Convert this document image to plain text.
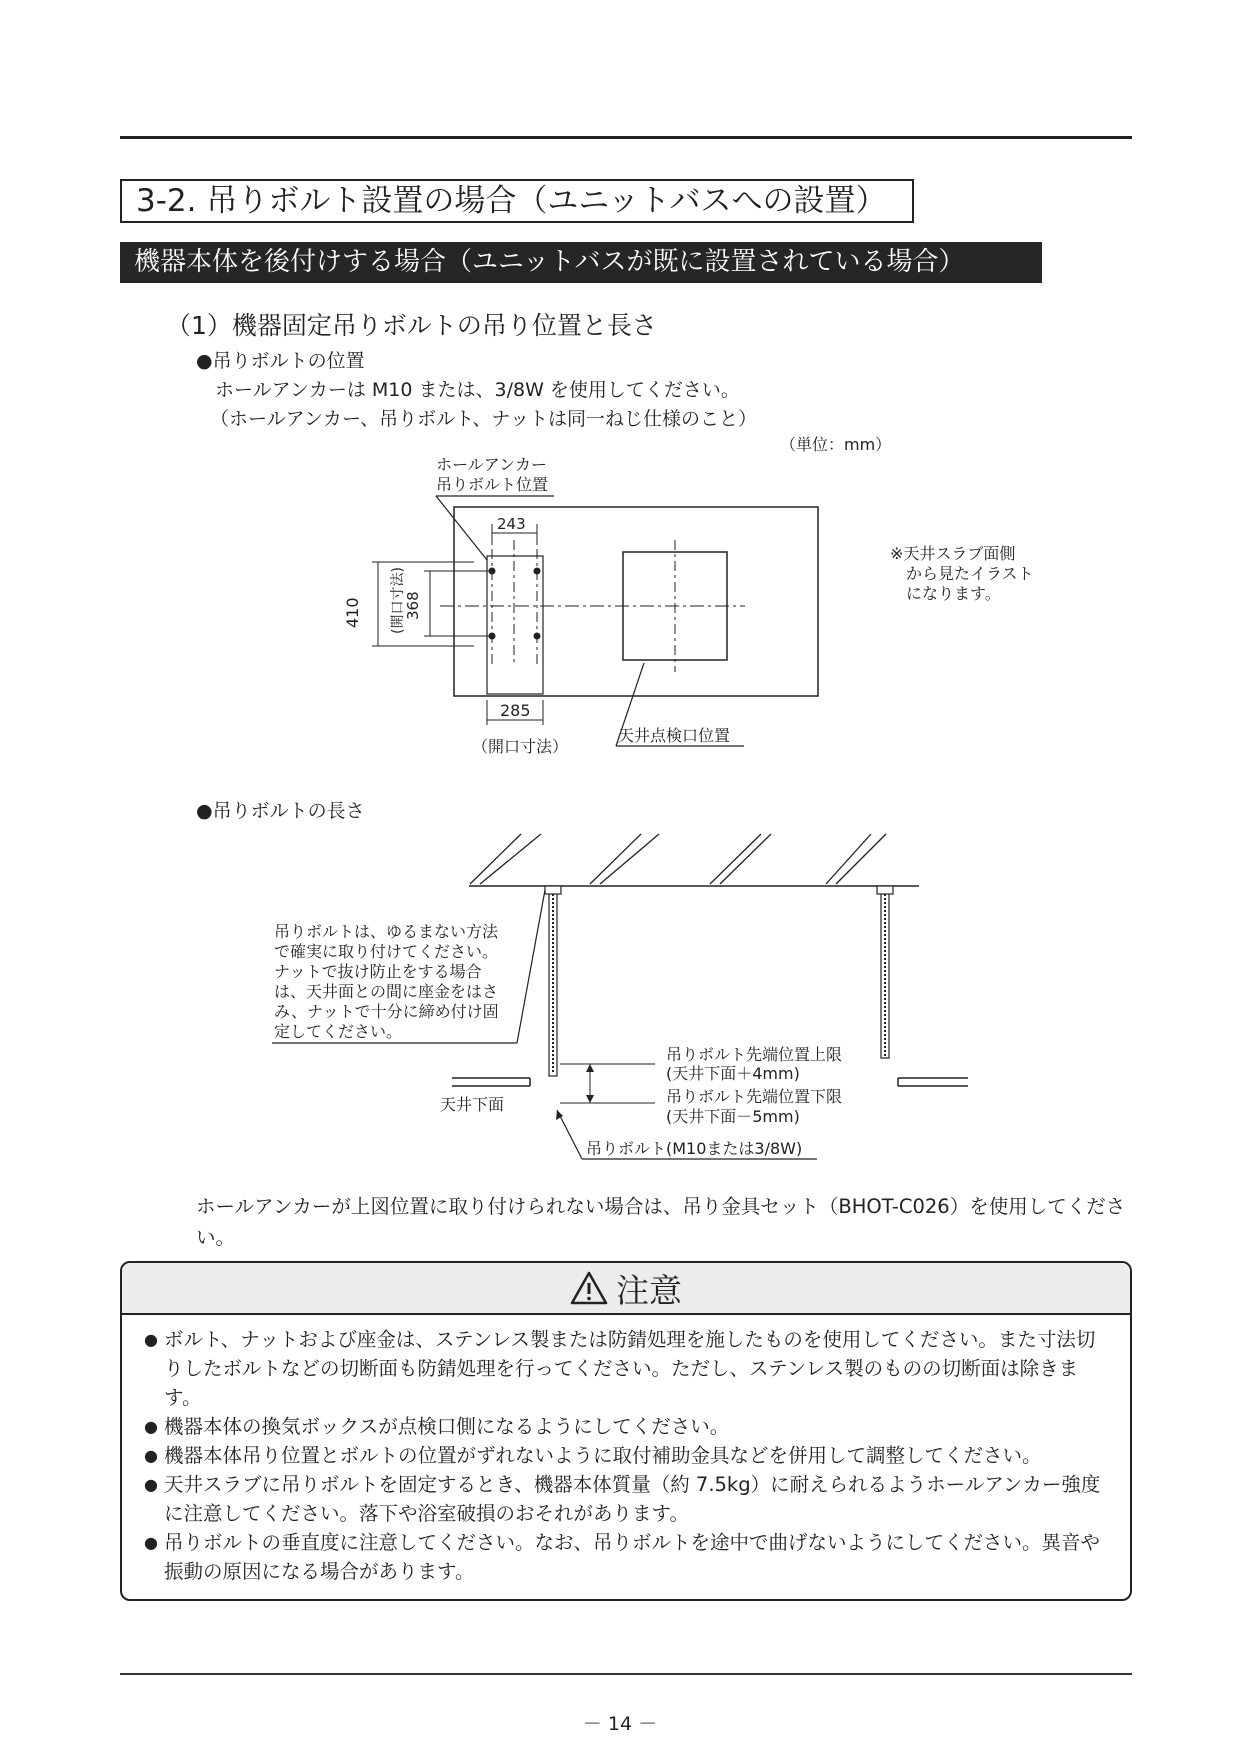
3-2. 吊りボルト設置の場合（ユニットバスへの設置）
機器本体を後付けする場合（ユニットバスが既に設置されている場合）
（1）機器固定吊りボルトの吊り位置と長さ
●吊りボルトの位置
ホールアンカーは M10 または、3/8W を使用してください。
（ホールアンカー、吊りボルト、ナットは同一ねじ仕様のこと）
（単位：mm）
ホールアンカー
吊りボルト位置
243
410 (開口寸法)
368
285
（開口寸法）
天井点検口位置
※天井スラブ面側
から見たイラスト
になります。
●吊りボルトの長さ
天井下面
吊りボルトは、ゆるまない方法
で確実に取り付けてください。
ナットで抜け防止をする場合
は、天井面との間に座金をはさ
み、ナットで十分に締め付け固
定してください。
吊りボルト先端位置上限
(天井下面＋4mm)
吊りボルト先端位置下限
(天井下面－5mm)
吊りボルト(M10または3/8W)
ホールアンカーが上図位置に取り付けられない場合は、吊り金具セット（BHOT-C026）を使用してください。
注意
● ボルト、ナットおよび座金は、ステンレス製または防錆処理を施したものを使用してください。また寸法切りしたボルトなどの切断面も防錆処理を行ってください。ただし、ステンレス製のものの切断面は除きます。
● 機器本体の換気ボックスが点検口側になるようにしてください。
● 機器本体吊り位置とボルトの位置がずれないように取付補助金具などを併用して調整してください。
● 天井スラブに吊りボルトを固定するとき、機器本体質量（約 7.5kg）に耐えられるようホールアンカー強度に注意してください。落下や浴室破損のおそれがあります。
● 吊りボルトの垂直度に注意してください。なお、吊りボルトを途中で曲げないようにしてください。異音や振動の原因になる場合があります。
－ 14 －
